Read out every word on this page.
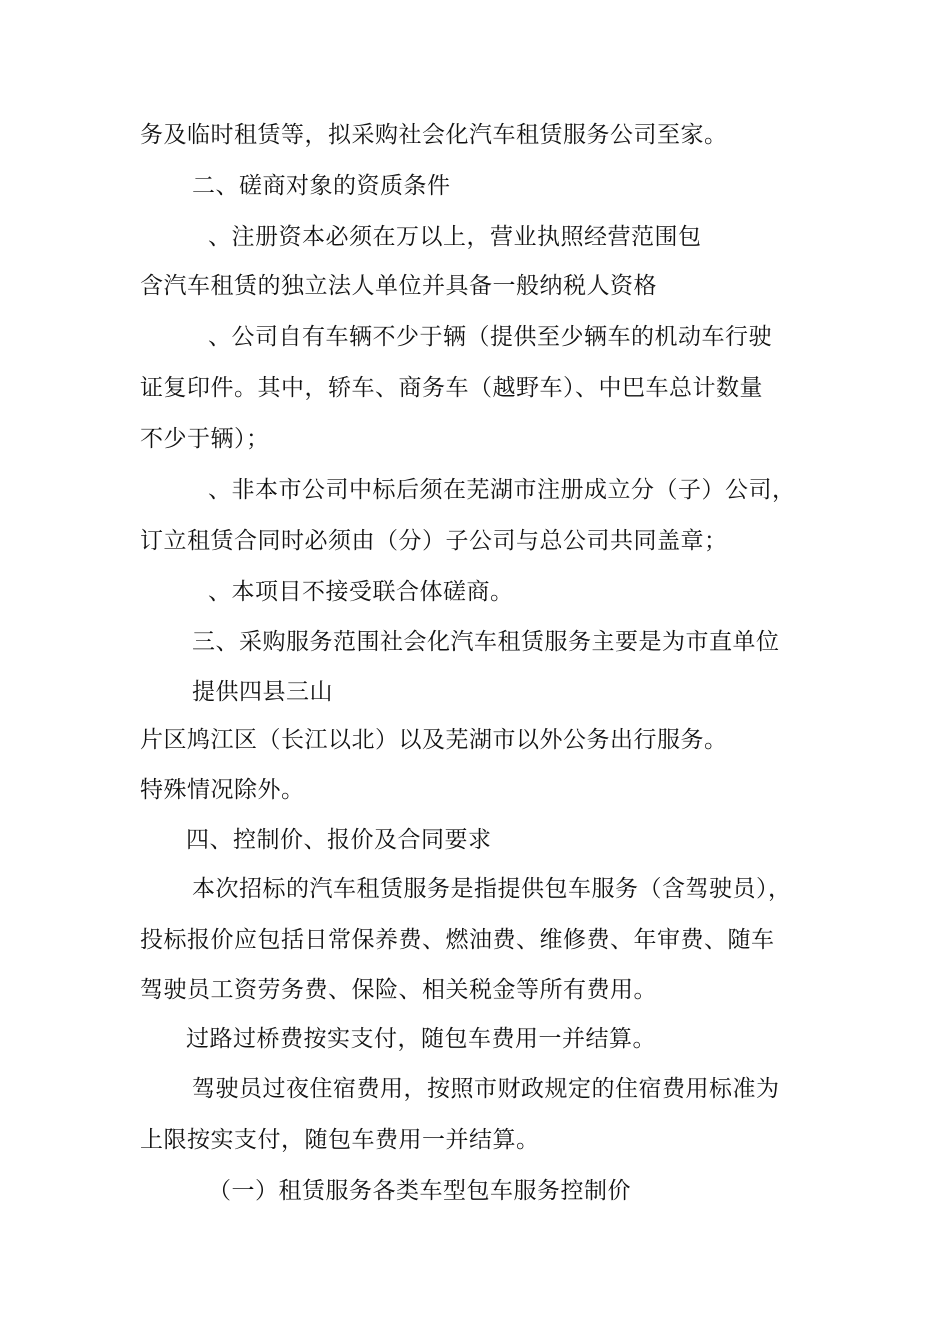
务及临时租赁等，拟采购社会化汽车租赁服务公司至家。
二、磋商对象的资质条件
、注册资本必须在万以上，营业执照经营范围包
含汽车租赁的独立法人单位并具备一般纳税人资格
、公司自有车辆不少于辆（提供至少辆车的机动车行驶
证复印件。其中，轿车、商务车（越野车）、中巴车总计数量
不少于辆）；
、非本市公司中标后须在芜湖市注册成立分（子）公司，
订立租赁合同时必须由（分）子公司与总公司共同盖章；
、本项目不接受联合体磋商。
三、采购服务范围社会化汽车租赁服务主要是为市直单位
提供四县三山
片区鸠江区（长江以北）以及芜湖市以外公务出行服务。
特殊情况除外。
四、控制价、报价及合同要求
本次招标的汽车租赁服务是指提供包车服务（含驾驶员），
投标报价应包括日常保养费、燃油费、维修费、年审费、随车
驾驶员工资劳务费、保险、相关税金等所有费用。
过路过桥费按实支付，随包车费用一并结算。
驾驶员过夜住宿费用，按照市财政规定的住宿费用标准为
上限按实支付，随包车费用一并结算。
（一）租赁服务各类车型包车服务控制价
